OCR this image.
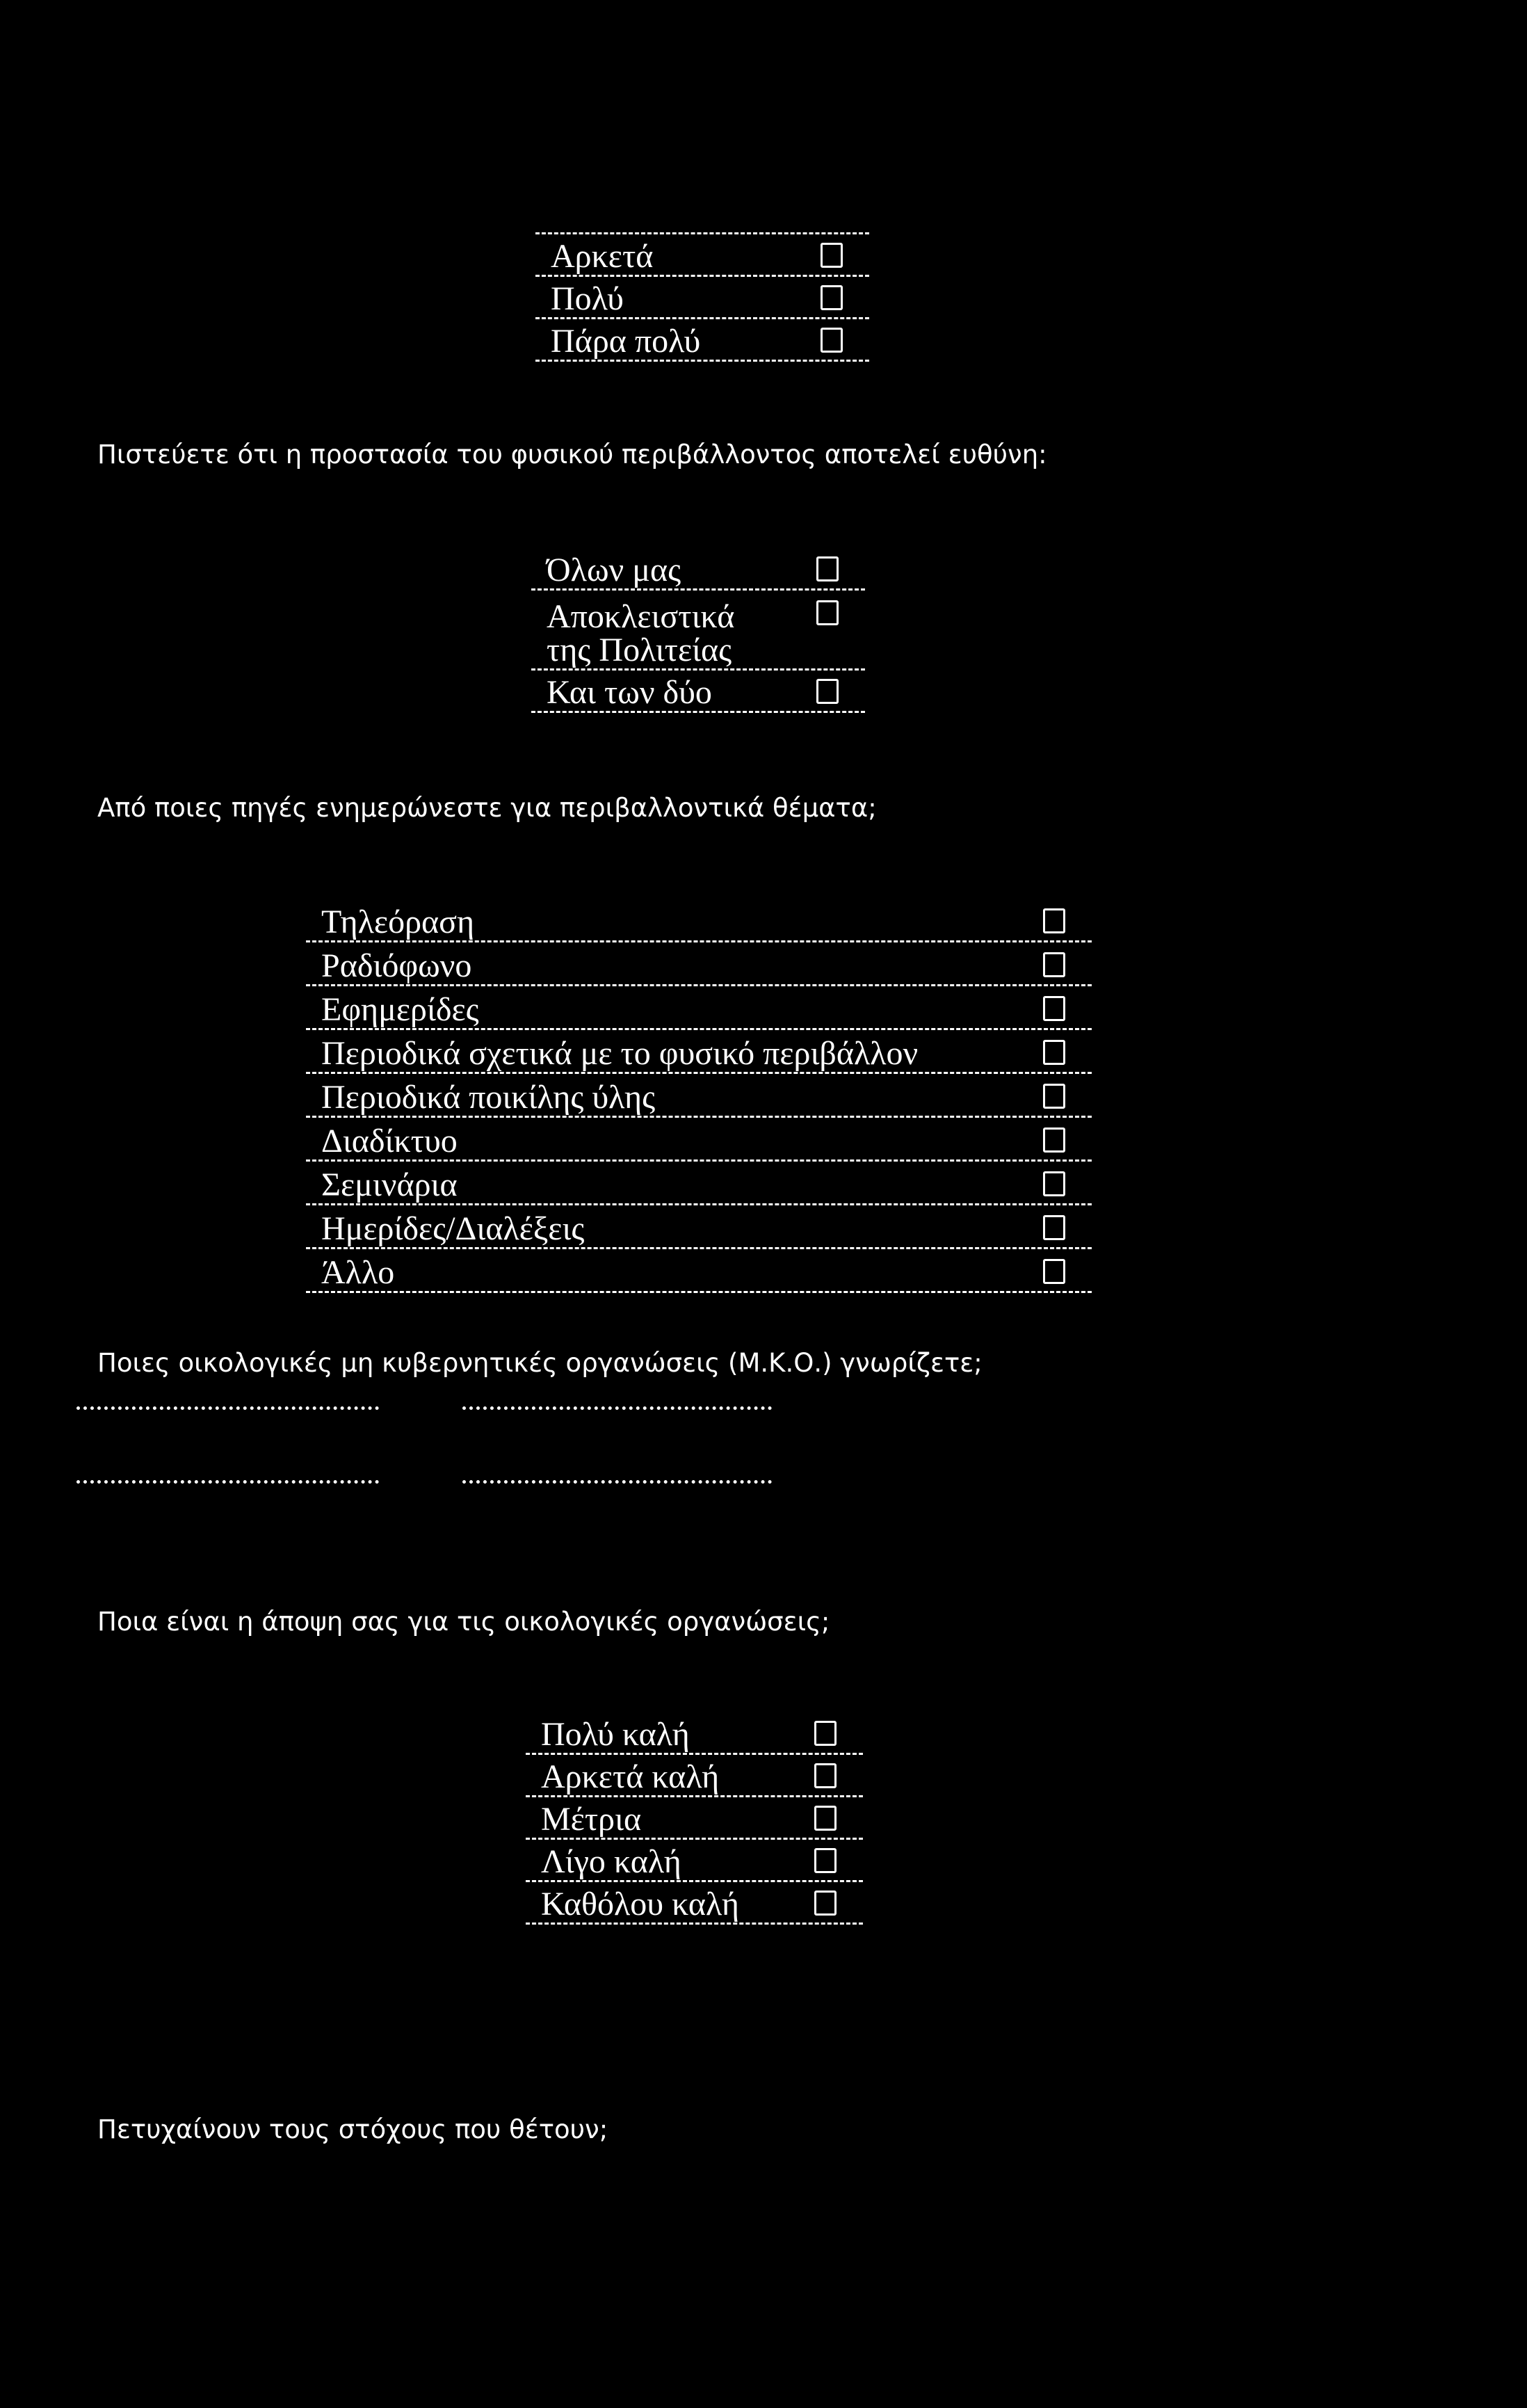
Αρκετά
Πολύ
Πάρα πολύ
Πιστεύετε ότι η προστασία του φυσικού περιβάλλοντος αποτελεί ευθύνη:
Όλων μας
Αποκλειστικά
της Πολιτείας
Και των δύο
Από ποιες πηγές ενημερώνεστε για περιβαλλοντικά θέματα;
Τηλεόραση
Ραδιόφωνο
Εφημερίδες
Περιοδικά σχετικά με το φυσικό περιβάλλον
Περιοδικά ποικίλης ύλης
Διαδίκτυο
Σεμινάρια
Ημερίδες/Διαλέξεις
Άλλο
Ποιες οικολογικές μη κυβερνητικές οργανώσεις (Μ.Κ.Ο.) γνωρίζετε;
Ποια είναι η άποψη σας για τις οικολογικές οργανώσεις;
Πολύ καλή
Αρκετά καλή
Μέτρια
Λίγο καλή
Καθόλου καλή
Πετυχαίνουν τους στόχους που θέτουν;
